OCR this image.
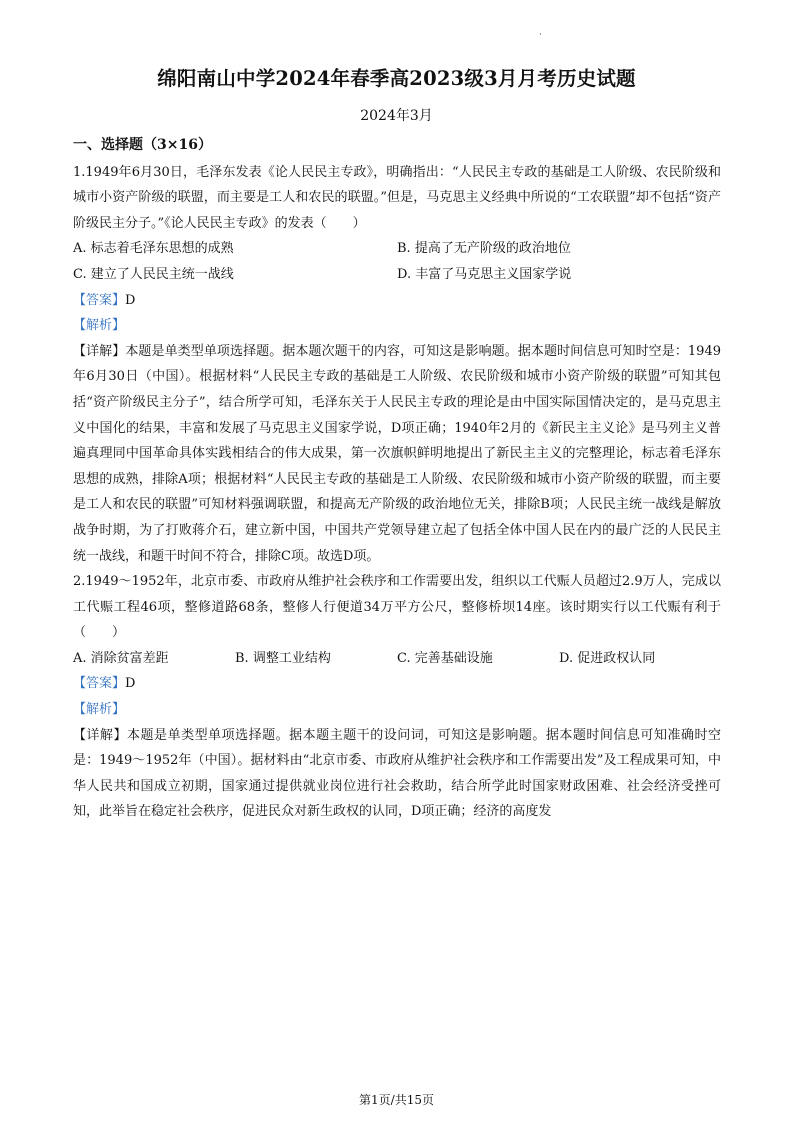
·
绵阳南山中学2024年春季高2023级3月月考历史试题
2024年3月
一、选择题（3×16）

1.1949年6月30日，毛泽东发表《论人民民主专政》，明确指出：“人民民主专政的基础是工人阶级、农民阶级和城市小资产阶级的联盟，而主要是工人和农民的联盟。”但是，马克思主义经典中所说的“工农联盟”却不包括“资产阶级民主分子。”《论人民民主专政》的发表（　　）

A. 标志着毛泽东思想的成熟	B. 提高了无产阶级的政治地位
C. 建立了人民民主统一战线	D. 丰富了马克思主义国家学说
【答案】D
【解析】

【详解】本题是单类型单项选择题。据本题次题干的内容，可知这是影响题。据本题时间信息可知时空是：1949年6月30日（中国）。根据材料“人民民主专政的基础是工人阶级、农民阶级和城市小资产阶级的联盟”可知其包括“资产阶级民主分子”，结合所学可知，毛泽东关于人民民主专政的理论是由中国实际国情决定的，是马克思主义中国化的结果，丰富和发展了马克思主义国家学说，D项正确；1940年2月的《新民主主义论》是马列主义普遍真理同中国革命具体实践相结合的伟大成果，第一次旗帜鲜明地提出了新民主主义的完整理论，标志着毛泽东思想的成熟，排除A项；根据材料“人民民主专政的基础是工人阶级、农民阶级和城市小资产阶级的联盟，而主要是工人和农民的联盟”可知材料强调联盟，和提高无产阶级的政治地位无关，排除B项；人民民主统一战线是解放战争时期，为了打败蒋介石，建立新中国，中国共产党领导建立起了包括全体中国人民在内的最广泛的人民民主统一战线，和题干时间不符合，排除C项。故选D项。

2.1949～1952年，北京市委、市政府从维护社会秩序和工作需要出发，组织以工代赈人员超过2.9万人，完成以工代赈工程46项，整修道路68条，整修人行便道34万平方公尺，整修桥坝14座。该时期实行以工代赈有利于（　　）

A. 消除贫富差距	B. 调整工业结构	C. 完善基础设施	D. 促进政权认同
【答案】D
【解析】

【详解】本题是单类型单项选择题。据本题主题干的设问词，可知这是影响题。据本题时间信息可知准确时空是：1949～1952年（中国）。据材料由“北京市委、市政府从维护社会秩序和工作需要出发”及工程成果可知，中华人民共和国成立初期，国家通过提供就业岗位进行社会救助，结合所学此时国家财政困难、社会经济受挫可知，此举旨在稳定社会秩序，促进民众对新生政权的认同，D项正确；经济的高度发

第1页/共15页
